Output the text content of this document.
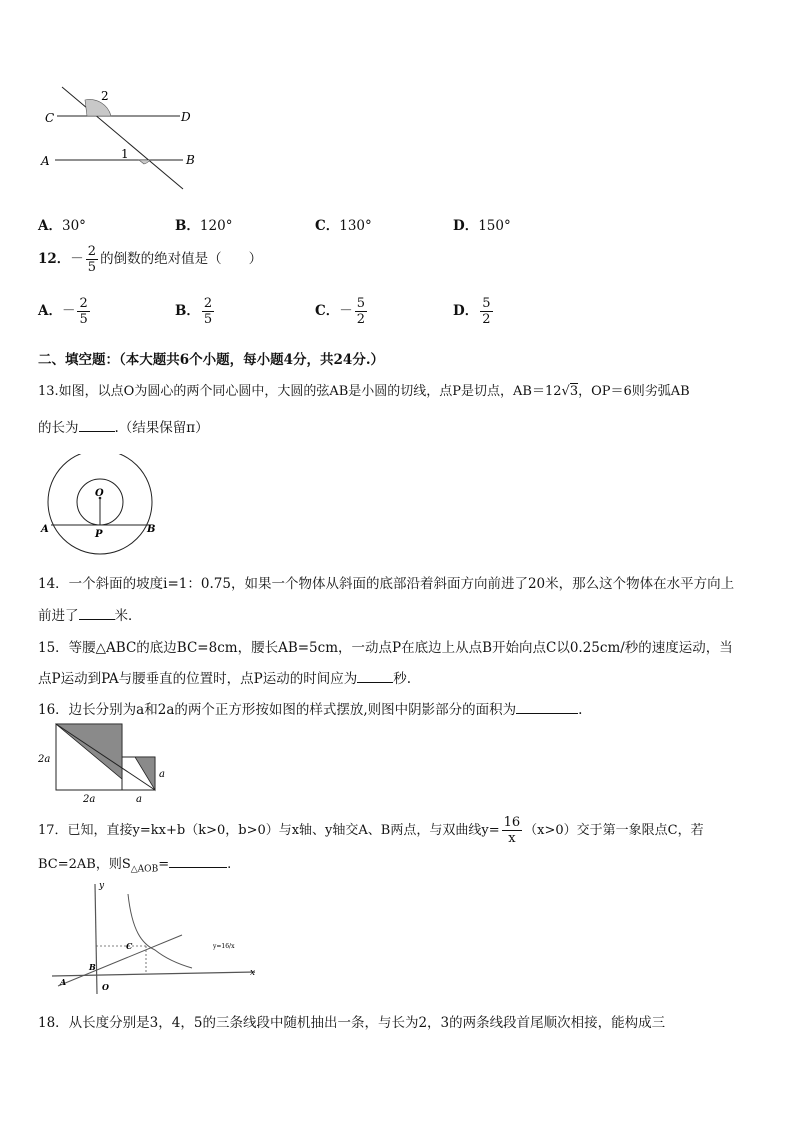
C	D
A	B
1
2
A．30°	B．120°	C．130°	D．150°
12．－ $\frac{2}{5}$ 的倒数的绝对值是（　　）
A．－ $\frac{2}{5}$	B． $\frac{2}{5}$	C．－ $\frac{5}{2}$	D． $\frac{5}{2}$
二、填空题：（本大题共6个小题，每小题4分，共24分.）
13.如图，以点O为圆心的两个同心圆中，大圆的弦AB是小圆的切线，点P是切点，AB＝12√3，OP＝6则劣弧AB
的长为	.（结果保留π）
O
P
A	B
14．一个斜面的坡度i=1：0.75，如果一个物体从斜面的底部沿着斜面方向前进了20米，那么这个物体在水平方向上
前进了	米．
15．等腰△ABC的底边BC=8cm，腰长AB=5cm，一动点P在底边上从点B开始向点C以0.25cm/秒的速度运动，当
点P运动到PA与腰垂直的位置时，点P运动的时间应为	秒.
16．边长分别为a和2a的两个正方形按如图的样式摆放,则图中阴影部分的面积为	.
2a
2a	a
a
17．已知，直接y=kx+b（k>0，b>0）与x轴、y轴交A、B两点，与双曲线$y= \frac{16}{x} (x>0)$交于第一象限点C，若
BC=2AB，则$S_{\triangle AOB}=$	.
y
x
O
A
B
C	y=16/x
18．从长度分别是3，4，5的三条线段中随机抽出一条，与长为2，3的两条线段首尾顺次相接，能构成三
